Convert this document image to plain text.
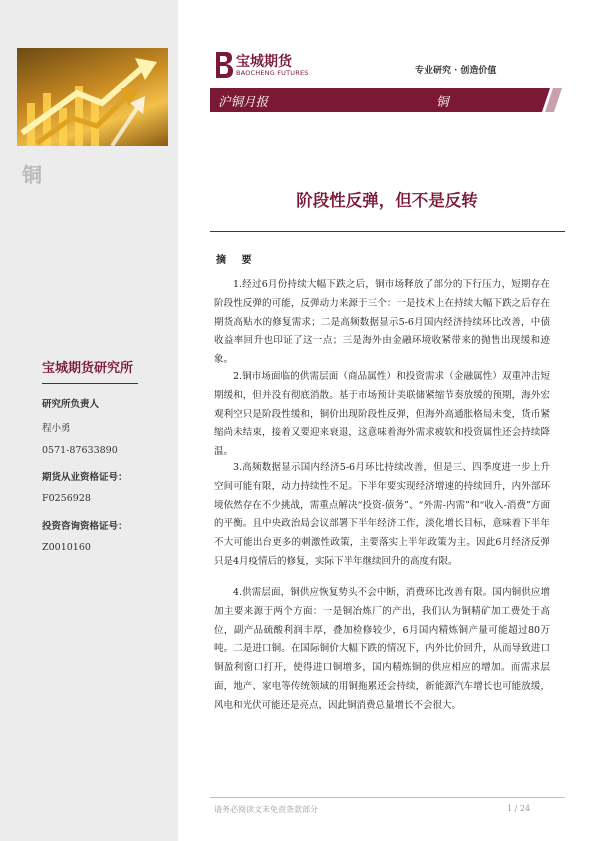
铜
宝城期货研究所
研究所负责人
程小勇
0571-87633890
期货从业资格证号：
F0256928
投资咨询资格证号：
Z0010160
宝城期货
BAOCHENG FUTURES	专业研究 · 创造价值
沪铜月报	铜
阶段性反弹，但不是反转
摘 要

1.经过6月份持续大幅下跌之后，铜市场释放了部分的下行压力，短期存在阶段性反弹的可能，反弹动力来源于三个：一是技术上在持续大幅下跌之后存在期货高贴水的修复需求；二是高频数据显示5-6月国内经济持续环比改善，中债收益率回升也印证了这一点；三是海外由金融环境收紧带来的抛售出现缓和迹象。

2.铜市场面临的供需层面（商品属性）和投资需求（金融属性）双重冲击短期缓和，但并没有彻底消散。基于市场预计美联储紧缩节奏放缓的预期，海外宏观利空只是阶段性缓和，铜价出现阶段性反弹，但海外高通胀格局未变，货币紧缩尚未结束，接着又要迎来衰退，这意味着海外需求疲软和投资属性还会持续降温。

3.高频数据显示国内经济5-6月环比持续改善，但是三、四季度进一步上升空间可能有限，动力持续性不足。下半年要实现经济增速的持续回升，内外部环境依然存在不少挑战，需重点解决“投资-债务”、“外需-内需”和“收入-消费”方面的平衡。且中央政治局会议部署下半年经济工作，淡化增长目标，意味着下半年不大可能出台更多的刺激性政策，主要落实上半年政策为主。因此6月经济反弹只是4月疫情后的修复，实际下半年继续回升的高度有限。

4.供需层面，铜供应恢复势头不会中断，消费环比改善有限。国内铜供应增加主要来源于两个方面：一是铜冶炼厂的产出，我们认为铜精矿加工费处于高位，副产品硫酸利润丰厚，叠加检修较少，6月国内精炼铜产量可能超过80万吨。二是进口铜。在国际铜价大幅下跌的情况下，内外比价回升，从而导致进口铜盈利窗口打开，使得进口铜增多，国内精炼铜的供应相应的增加。而需求层面，地产、家电等传统领域的用铜拖累还会持续，新能源汽车增长也可能放缓，风电和光伏可能还是亮点，因此铜消费总量增长不会很大。

请务必阅读文末免责条款部分	1 / 24
